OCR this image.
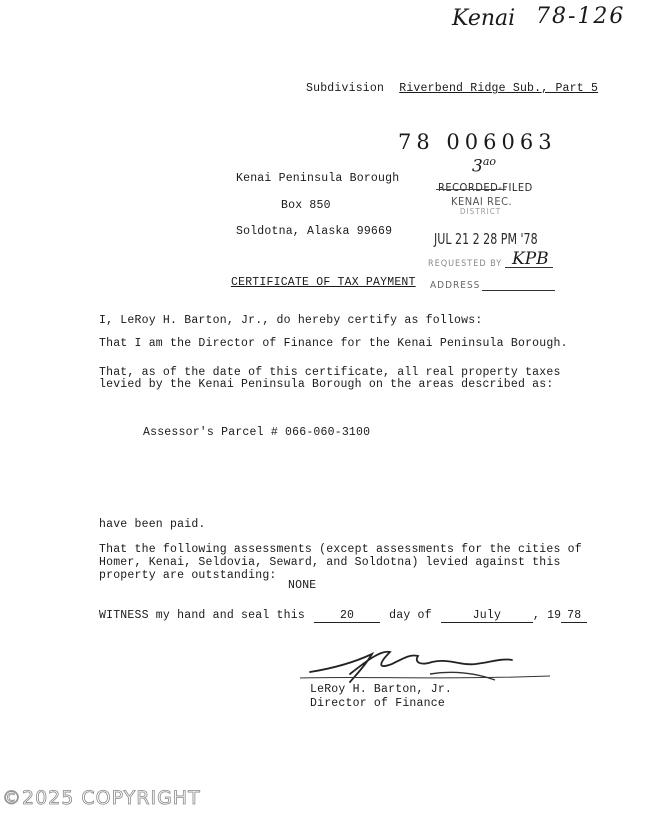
Kenai 78-126
Subdivision Riverbend Ridge Sub., Part 5
78 006063
$3^{ao}$
RECORDED-FILED
KENAI REC.
DISTRICT
JUL 21 2 28 PM '78
REQUESTED BY KPB
ADDRESS
Kenai Peninsula Borough
Box 850
Soldotna, Alaska 99669
CERTIFICATE OF TAX PAYMENT
I, LeRoy H. Barton, Jr., do hereby certify as follows:
That I am the Director of Finance for the Kenai Peninsula Borough.
That, as of the date of this certificate, all real property taxes
levied by the Kenai Peninsula Borough on the areas described as:
Assessor's Parcel # 066-060-3100
have been paid.
That the following assessments (except assessments for the cities of
Homer, Kenai, Seldovia, Seward, and Soldotna) levied against this
property are outstanding:
NONE
WITNESS my hand and seal this	20	day of	July	, 19 78
LeRoy H. Barton, Jr.
Director of Finance
©2025 COPYRIGHT
